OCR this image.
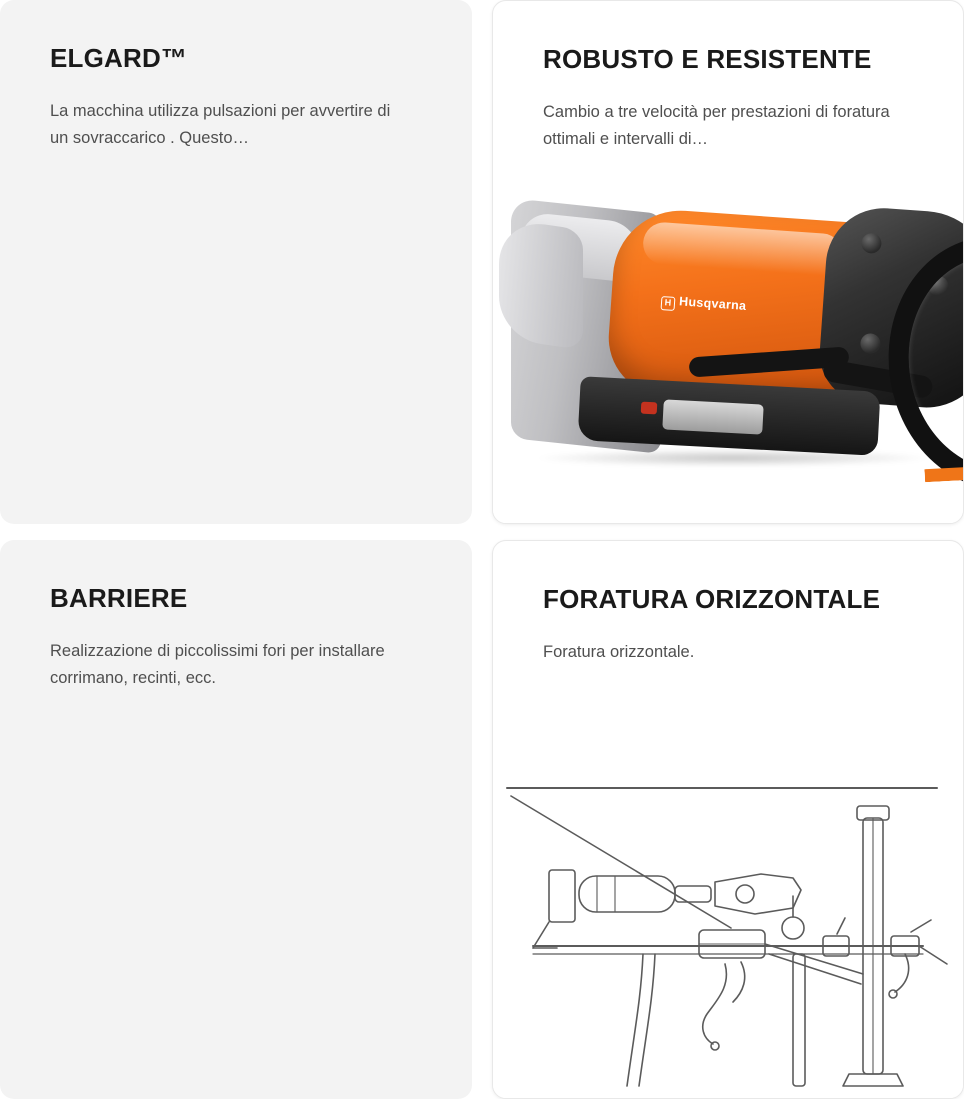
ELGARD™

La macchina utilizza pulsazioni per avvertire di un sovraccarico . Questo…

ROBUSTO E RESISTENTE

Cambio a tre velocità per prestazioni di foratura ottimali e intervalli di…

H Husqvarna
BARRIERE

Realizzazione di piccolissimi fori per installare corrimano, recinti, ecc.

FORATURA ORIZZONTALE

Foratura orizzontale.
